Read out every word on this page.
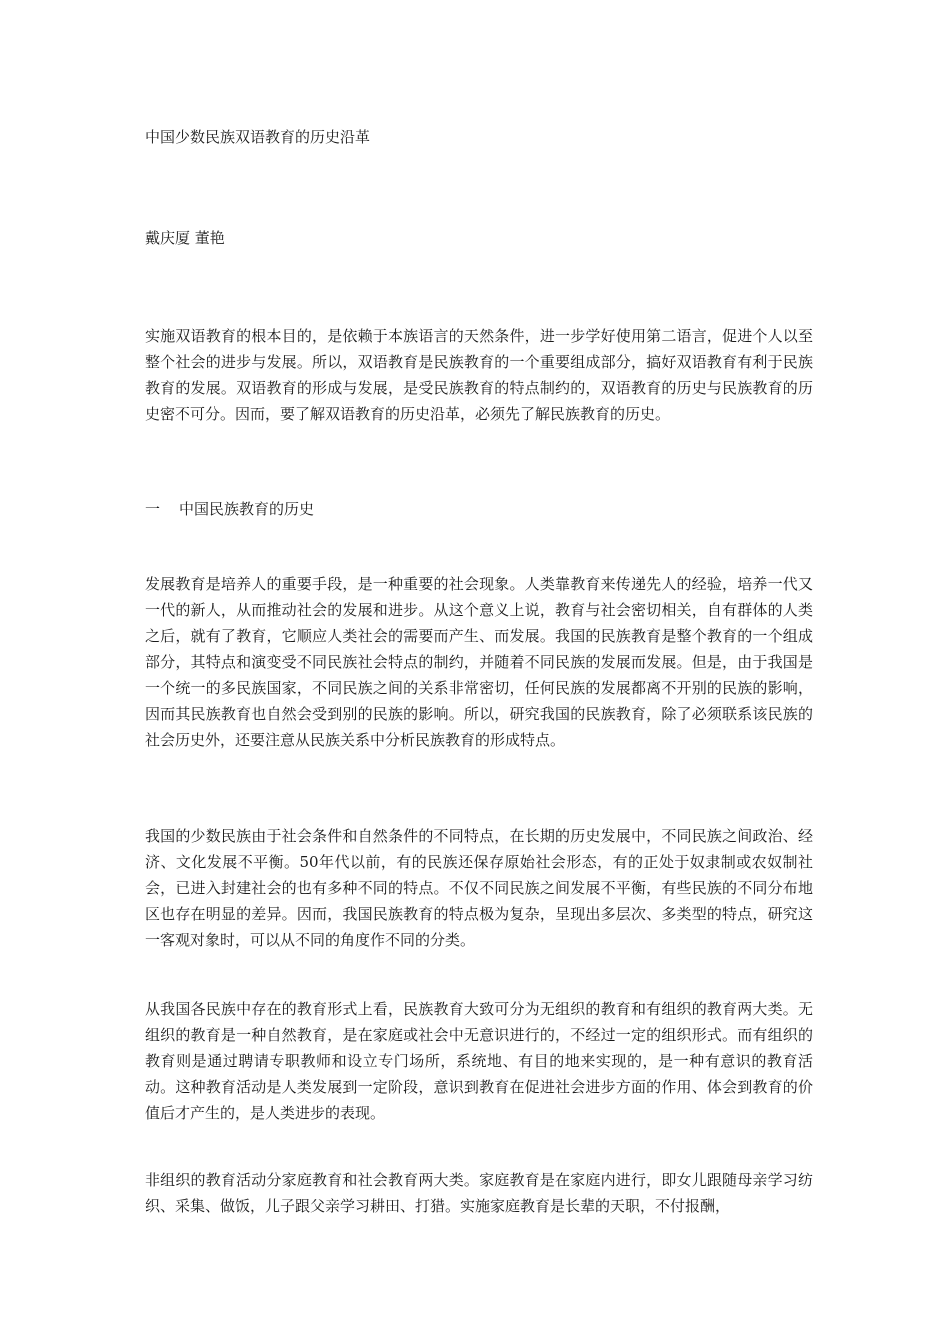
中国少数民族双语教育的历史沿革
戴庆厦 董艳

实施双语教育的根本目的，是依赖于本族语言的天然条件，进一步学好使用第二语言，促进个人以至整个社会的进步与发展。所以，双语教育是民族教育的一个重要组成部分，搞好双语教育有利于民族教育的发展。双语教育的形成与发展，是受民族教育的特点制约的，双语教育的历史与民族教育的历史密不可分。因而，要了解双语教育的历史沿革，必须先了解民族教育的历史。

一 中国民族教育的历史

发展教育是培养人的重要手段，是一种重要的社会现象。人类靠教育来传递先人的经验，培养一代又一代的新人，从而推动社会的发展和进步。从这个意义上说，教育与社会密切相关，自有群体的人类之后，就有了教育，它顺应人类社会的需要而产生、而发展。我国的民族教育是整个教育的一个组成部分，其特点和演变受不同民族社会特点的制约，并随着不同民族的发展而发展。但是，由于我国是一个统一的多民族国家，不同民族之间的关系非常密切，任何民族的发展都离不开别的民族的影响，因而其民族教育也自然会受到别的民族的影响。所以，研究我国的民族教育，除了必须联系该民族的社会历史外，还要注意从民族关系中分析民族教育的形成特点。

我国的少数民族由于社会条件和自然条件的不同特点，在长期的历史发展中，不同民族之间政治、经济、文化发展不平衡。50年代以前，有的民族还保存原始社会形态，有的正处于奴隶制或农奴制社会，已进入封建社会的也有多种不同的特点。不仅不同民族之间发展不平衡，有些民族的不同分布地区也存在明显的差异。因而，我国民族教育的特点极为复杂，呈现出多层次、多类型的特点，研究这一客观对象时，可以从不同的角度作不同的分类。

从我国各民族中存在的教育形式上看，民族教育大致可分为无组织的教育和有组织的教育两大类。无组织的教育是一种自然教育，是在家庭或社会中无意识进行的，不经过一定的组织形式。而有组织的教育则是通过聘请专职教师和设立专门场所，系统地、有目的地来实现的，是一种有意识的教育活动。这种教育活动是人类发展到一定阶段，意识到教育在促进社会进步方面的作用、体会到教育的价值后才产生的，是人类进步的表现。

非组织的教育活动分家庭教育和社会教育两大类。家庭教育是在家庭内进行，即女儿跟随母亲学习纺织、采集、做饭，儿子跟父亲学习耕田、打猎。实施家庭教育是长辈的天职，不付报酬，
